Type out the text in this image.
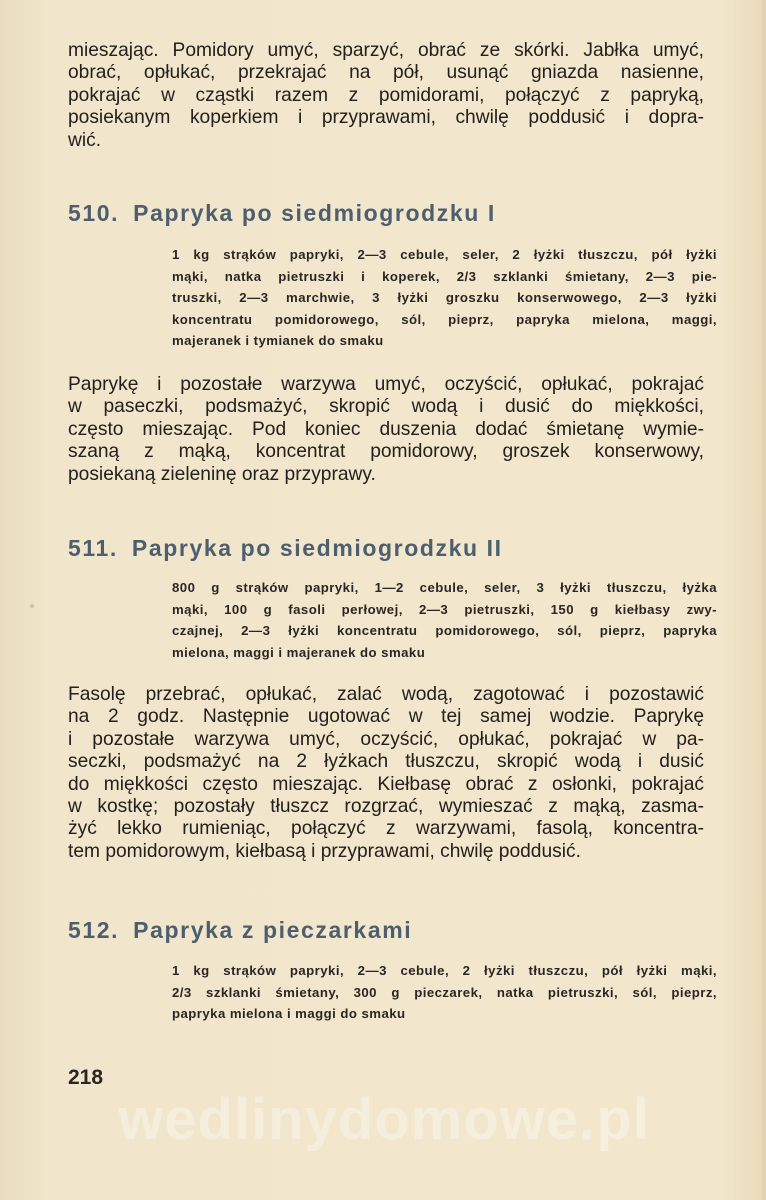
mieszając. Pomidory umyć, sparzyć, obrać ze skórki. Jabłka umyć,
obrać, opłukać, przekrajać na pół, usunąć gniazda nasienne,
pokrajać w cząstki razem z pomidorami, połączyć z papryką,
posiekanym koperkiem i przyprawami, chwilę poddusić i dopra-
wić.
510. Papryka po siedmiogrodzku I
1 kg strąków papryki, 2—3 cebule, seler, 2 łyżki tłuszczu, pół łyżki
mąki, natka pietruszki i koperek, 2/3 szklanki śmietany, 2—3 pie-
truszki, 2—3 marchwie, 3 łyżki groszku konserwowego, 2—3 łyżki
koncentratu pomidorowego, sól, pieprz, papryka mielona, maggi,
majeranek i tymianek do smaku
Paprykę i pozostałe warzywa umyć, oczyścić, opłukać, pokrajać
w paseczki, podsmażyć, skropić wodą i dusić do miękkości,
często mieszając. Pod koniec duszenia dodać śmietanę wymie-
szaną z mąką, koncentrat pomidorowy, groszek konserwowy,
posiekaną zieleninę oraz przyprawy.
511. Papryka po siedmiogrodzku II
800 g strąków papryki, 1—2 cebule, seler, 3 łyżki tłuszczu, łyżka
mąki, 100 g fasoli perłowej, 2—3 pietruszki, 150 g kiełbasy zwy-
czajnej, 2—3 łyżki koncentratu pomidorowego, sól, pieprz, papryka
mielona, maggi i majeranek do smaku
Fasolę przebrać, opłukać, zalać wodą, zagotować i pozostawić
na 2 godz. Następnie ugotować w tej samej wodzie. Paprykę
i pozostałe warzywa umyć, oczyścić, opłukać, pokrajać w pa-
seczki, podsmażyć na 2 łyżkach tłuszczu, skropić wodą i dusić
do miękkości często mieszając. Kiełbasę obrać z osłonki, pokrajać
w kostkę; pozostały tłuszcz rozgrzać, wymieszać z mąką, zasma-
żyć lekko rumieniąc, połączyć z warzywami, fasolą, koncentra-
tem pomidorowym, kiełbasą i przyprawami, chwilę poddusić.
512. Papryka z pieczarkami
1 kg strąków papryki, 2—3 cebule, 2 łyżki tłuszczu, pół łyżki mąki,
2/3 szklanki śmietany, 300 g pieczarek, natka pietruszki, sól, pieprz,
papryka mielona i maggi do smaku
218
wedlinydomowe.pl
